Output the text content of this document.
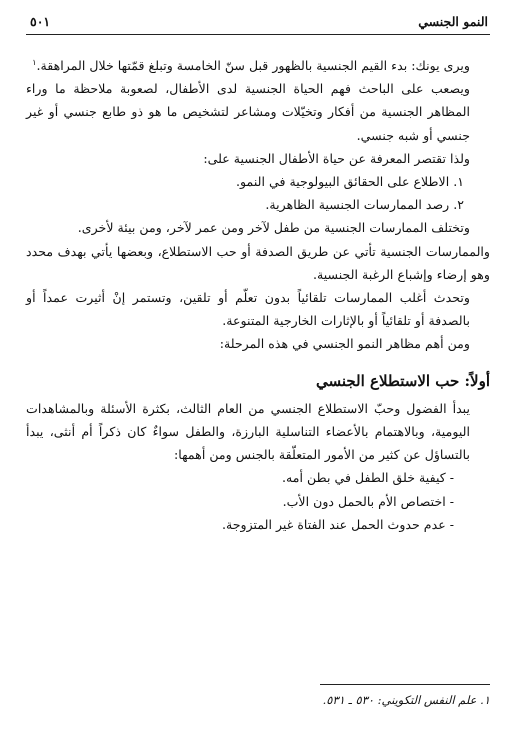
النمو الجنسي
٥٠١

ويرى يونك: بدء القيم الجنسية بالظهور قبل سنّ الخامسة وتبلغ قمّتها خلال المراهقة.$^١$

ويصعب على الباحث فهم الحياة الجنسية لدى الأطفال، لصعوبة ملاحظة ما وراء المظاهر الجنسية من أفكار وتخيّلات ومشاعر لتشخيص ما هو ذو طابع جنسي أو غير جنسي أو شبه جنسي.

ولذا تقتصر المعرفة عن حياة الأطفال الجنسية على:

١. الاطلاع على الحقائق البيولوجية في النمو.

٢. رصد الممارسات الجنسية الظاهرية.

وتختلف الممارسات الجنسية من طفل لآخر ومن عمر لآخر، ومن بيئة لأخرى.

والممارسات الجنسية تأتي عن طريق الصدفة أو حب الاستطلاع، وبعضها يأتي بهدف محدد وهو إرضاء وإشباع الرغبة الجنسية.

وتحدث أغلب الممارسات تلقائياً بدون تعلّم أو تلقين، وتستمر إنْ أثيرت عمداً أو بالصدفة أو تلقائياً أو بالإثارات الخارجية المتنوعة.

ومن أهم مظاهر النمو الجنسي في هذه المرحلة:

أولاً: حب الاستطلاع الجنسي

يبدأ الفضول وحبّ الاستطلاع الجنسي من العام الثالث، بكثرة الأسئلة وبالمشاهدات اليومية، وبالاهتمام بالأعضاء التناسلية البارزة، والطفل سواءٌ كان ذكراً أم أنثى، يبدأ بالتساؤل عن كثير من الأمور المتعلّقة بالجنس ومن أهمها:

- كيفية خلق الطفل في بطن أمه.

- اختصاص الأم بالحمل دون الأب.

- عدم حدوث الحمل عند الفتاة غير المتزوجة.

١. علم النفس التكويني: ٥٣٠ ـ ٥٣١.
